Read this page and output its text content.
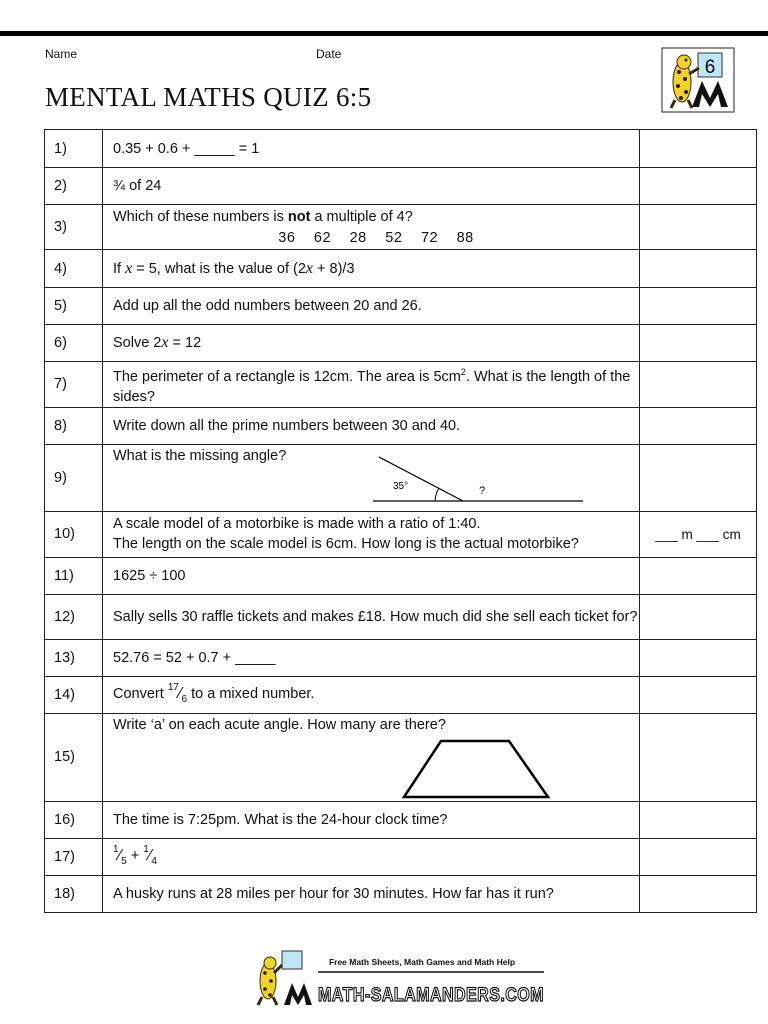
Name	Date
MENTAL MATHS QUIZ 6:5
6
1)	0.35 + 0.6 + _____ = 1	
2)	¾ of 24	
3)	Which of these numbers is not a multiple of 4?
36 62 28 52 72 88	

4)	If x = 5, what is the value of (2x + 8)/3	
5)	Add up all the odd numbers between 20 and 26.	
6)	Solve 2x = 12	
7)	The perimeter of a rectangle is 12cm. The area is $5cm^2$. What is the length of the sides?	
8)	Write down all the prime numbers between 30 and 40.	
9)	What is the missing angle?
35° ?	

10)	A scale model of a motorbike is made with a ratio of 1:40.
The length on the scale model is 6cm. How long is the actual motorbike?	___ m ___ cm
11)	1625 ÷ 100	
12)	Sally sells 30 raffle tickets and makes £18. How much did she sell each ticket for?	
13)	52.76 = 52 + 0.7 + _____	
14)	Convert $^{17}⁄_6$ to a mixed number.	
15)	Write ‘a’ on each acute angle. How many are there?

16)	The time is 7:25pm. What is the 24-hour clock time?	
17)	$^1⁄_5$ + $^1⁄_4$	
18)	A husky runs at 28 miles per hour for 30 minutes. How far has it run?	
Free Math Sheets, Math Games and Math Help
MATH-SALAMANDERS.COM
